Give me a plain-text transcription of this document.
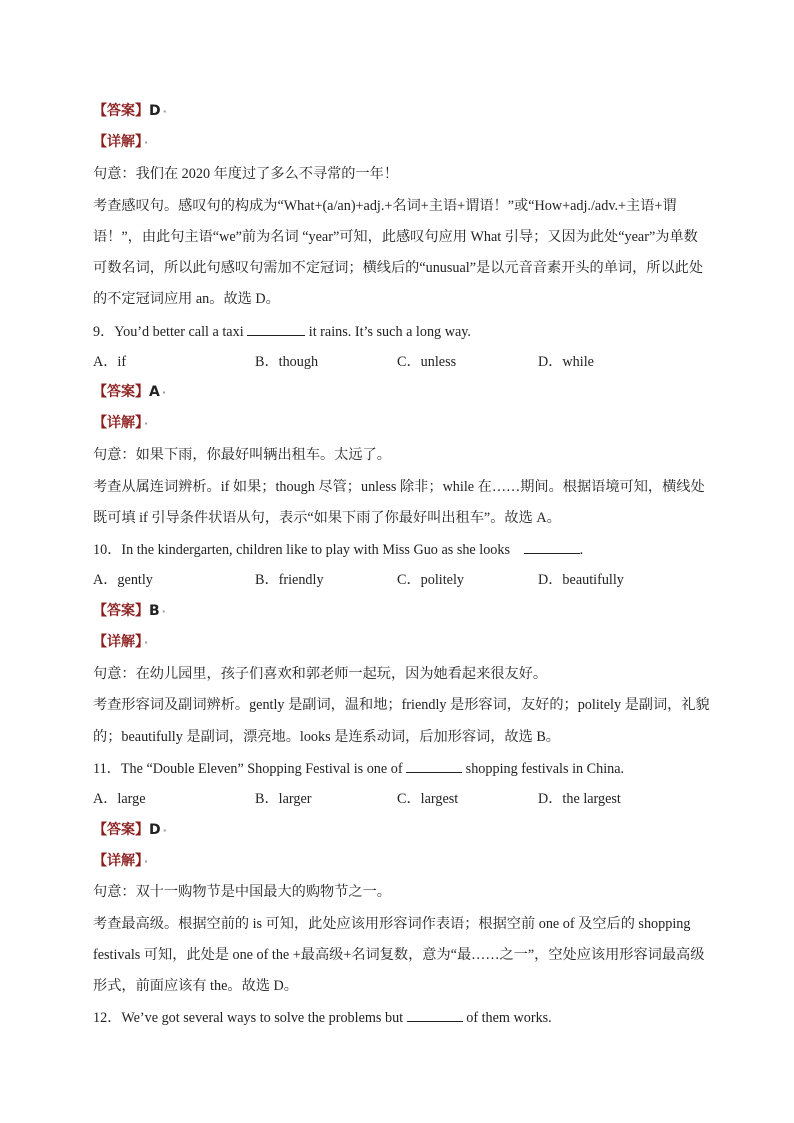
【答案】D ·
【详解】 ·
句意：我们在 2020 年度过了多么不寻常的一年！
考查感叹句。感叹句的构成为“What+(a/an)+adj.+名词+主语+谓语！”或“How+adj./adv.+主语+谓
语！”，由此句主语“we”前为名词 “year”可知，此感叹句应用 What 引导；又因为此处“year”为单数
可数名词，所以此句感叹句需加不定冠词；横线后的“unusual”是以元音音素开头的单词，所以此处
的不定冠词应用 an。故选 D。
9．You’d better call a taxi	it rains. It’s such a long way.
A．if	B．though	C．unless	D．while
【答案】A ·
【详解】 ·
句意：如果下雨，你最好叫辆出租车。太远了。
考查从属连词辨析。if 如果；though 尽管；unless 除非；while 在……期间。根据语境可知，横线处
既可填 if 引导条件状语从句，表示“如果下雨了你最好叫出租车”。故选 A。
10．In the kindergarten, children like to play with Miss Guo as she looks	.
A．gently	B．friendly	C．politely	D．beautifully
【答案】B ·
【详解】 ·
句意：在幼儿园里，孩子们喜欢和郭老师一起玩，因为她看起来很友好。
考查形容词及副词辨析。gently 是副词，温和地；friendly 是形容词，友好的；politely 是副词，礼貌
的；beautifully 是副词，漂亮地。looks 是连系动词，后加形容词，故选 B。
11．The “Double Eleven” Shopping Festival is one of	shopping festivals in China.
A．large	B．larger	C．largest	D．the largest
【答案】D ·
【详解】 ·
句意：双十一购物节是中国最大的购物节之一。
考查最高级。根据空前的 is 可知，此处应该用形容词作表语；根据空前 one of 及空后的 shopping
festivals 可知，此处是 one of the +最高级+名词复数，意为“最……之一”，空处应该用形容词最高级
形式，前面应该有 the。故选 D。
12．We’ve got several ways to solve the problems but	of them works.
